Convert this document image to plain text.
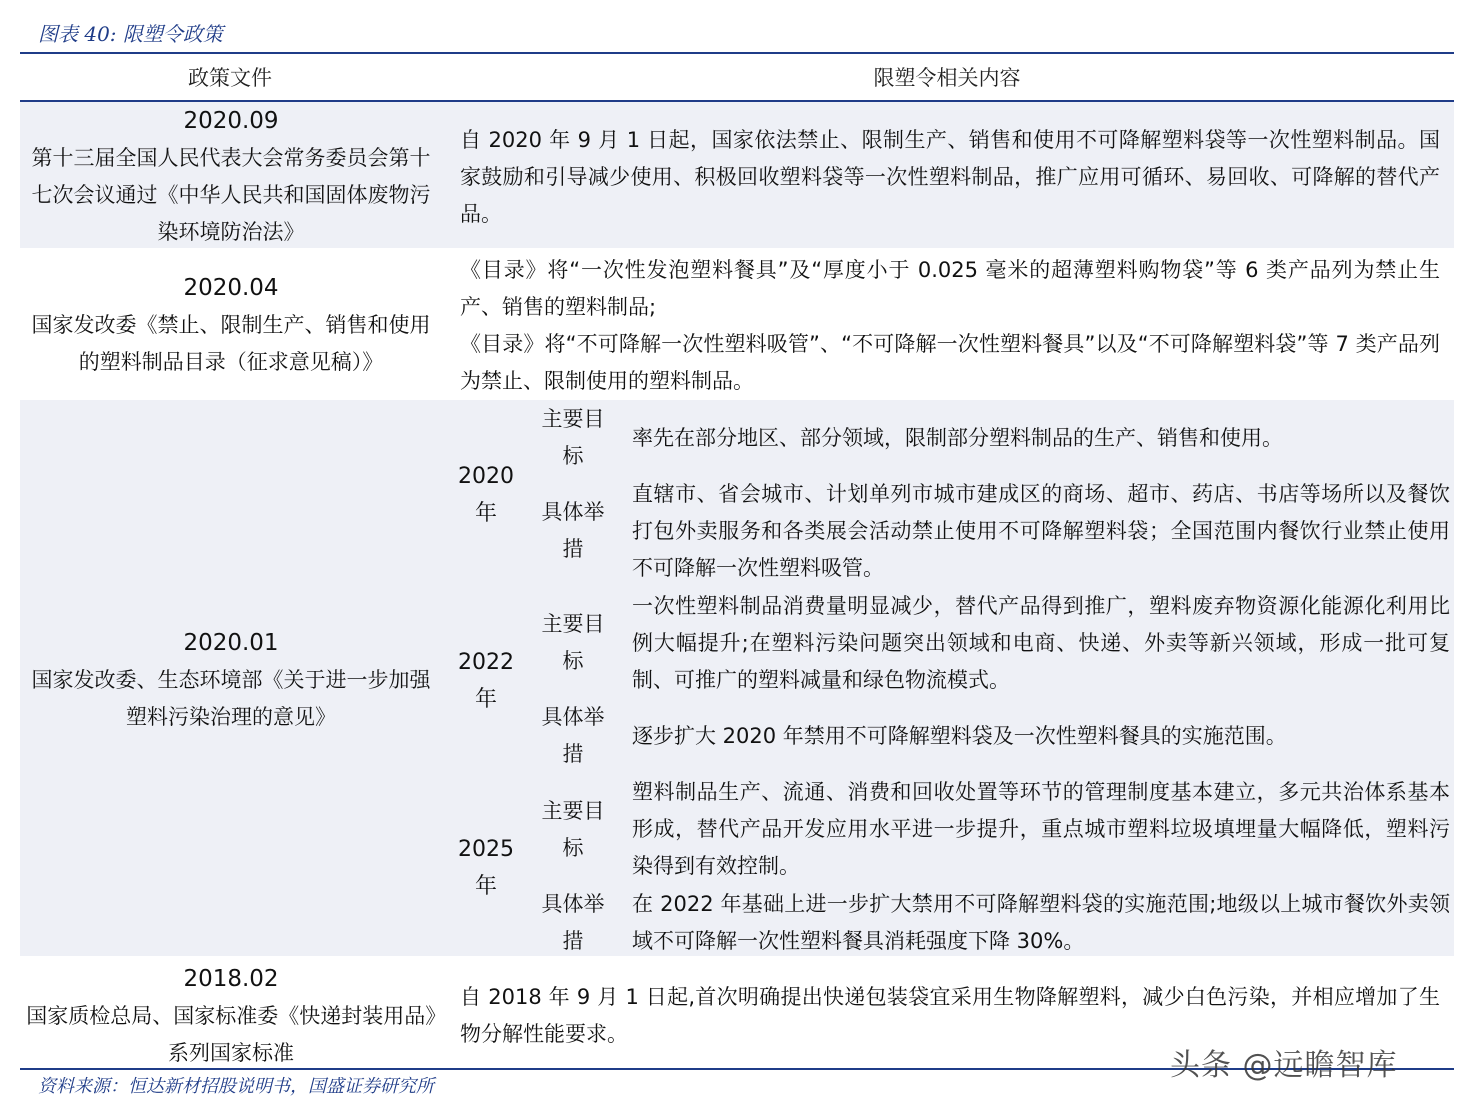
图表 40: 限塑令政策
政策文件	限塑令相关内容
2020.09
第十三届全国人民代表大会常务委员会第十七次会议通过《中华人民共和国固体废物污染环境防治法》
自 2020 年 9 月 1 日起，国家依法禁止、限制生产、销售和使用不可降解塑料袋等一次性塑料制品。国家鼓励和引导减少使用、积极回收塑料袋等一次性塑料制品，推广应用可循环、易回收、可降解的替代产品。
2020.04
国家发改委《禁止、限制生产、销售和使用的塑料制品目录（征求意见稿）》
《目录》将“一次性发泡塑料餐具”及“厚度小于 0.025 毫米的超薄塑料购物袋”等 6 类产品列为禁止生产、销售的塑料制品;
《目录》将“不可降解一次性塑料吸管”、“不可降解一次性塑料餐具”以及“不可降解塑料袋”等 7 类产品列为禁止、限制使用的塑料制品。
2020.01
国家发改委、生态环境部《关于进一步加强塑料污染治理的意见》
2020 年
主要目标
率先在部分地区、部分领域，限制部分塑料制品的生产、销售和使用。
具体举措
直辖市、省会城市、计划单列市城市建成区的商场、超市、药店、书店等场所以及餐饮打包外卖服务和各类展会活动禁止使用不可降解塑料袋；全国范围内餐饮行业禁止使用不可降解一次性塑料吸管。
2022 年
主要目标
一次性塑料制品消费量明显减少，替代产品得到推广，塑料废弃物资源化能源化利用比例大幅提升;在塑料污染问题突出领域和电商、快递、外卖等新兴领域，形成一批可复制、可推广的塑料减量和绿色物流模式。
具体举措
逐步扩大 2020 年禁用不可降解塑料袋及一次性塑料餐具的实施范围。
2025 年
主要目标
塑料制品生产、流通、消费和回收处置等环节的管理制度基本建立，多元共治体系基本形成，替代产品开发应用水平进一步提升，重点城市塑料垃圾填埋量大幅降低，塑料污染得到有效控制。
具体举措
在 2022 年基础上进一步扩大禁用不可降解塑料袋的实施范围;地级以上城市餐饮外卖领域不可降解一次性塑料餐具消耗强度下降 30%。
2018.02
国家质检总局、国家标准委《快递封装用品》系列国家标准
自 2018 年 9 月 1 日起,首次明确提出快递包装袋宜采用生物降解塑料，减少白色污染，并相应增加了生物分解性能要求。
资料来源：恒达新材招股说明书，国盛证券研究所
头条 @远瞻智库
